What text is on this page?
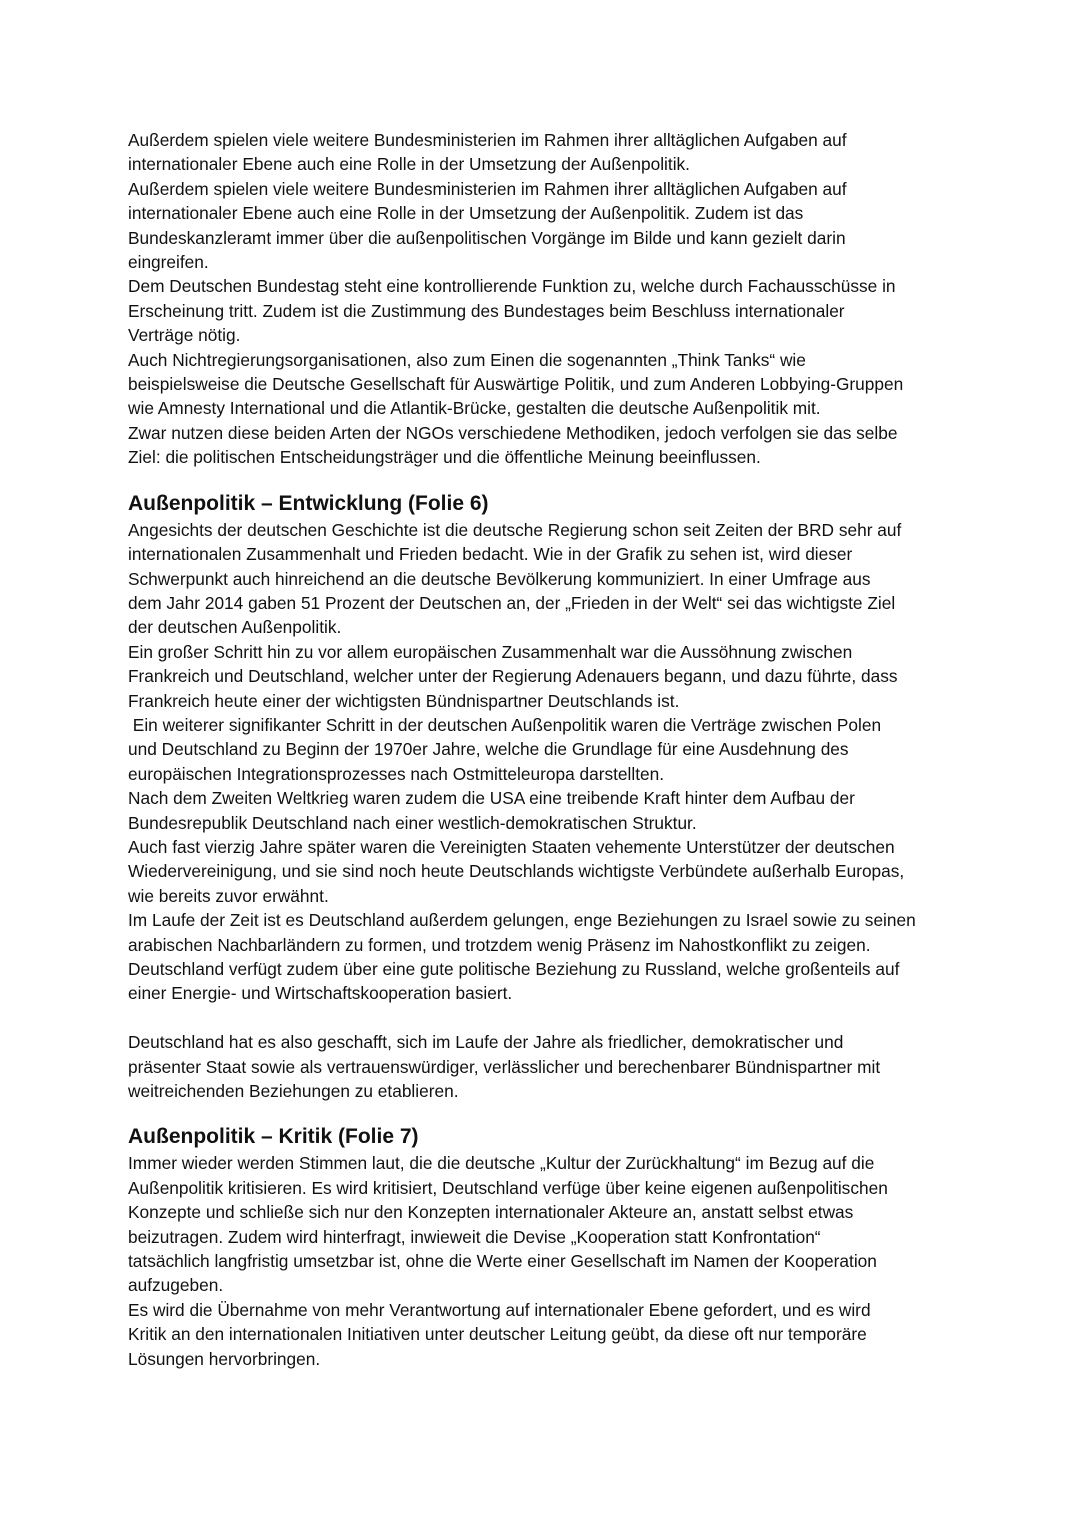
Außerdem spielen viele weitere Bundesministerien im Rahmen ihrer alltäglichen Aufgaben auf
internationaler Ebene auch eine Rolle in der Umsetzung der Außenpolitik.

Außerdem spielen viele weitere Bundesministerien im Rahmen ihrer alltäglichen Aufgaben auf
internationaler Ebene auch eine Rolle in der Umsetzung der Außenpolitik. Zudem ist das
Bundeskanzleramt immer über die außenpolitischen Vorgänge im Bilde und kann gezielt darin
eingreifen.

Dem Deutschen Bundestag steht eine kontrollierende Funktion zu, welche durch Fachausschüsse in
Erscheinung tritt. Zudem ist die Zustimmung des Bundestages beim Beschluss internationaler
Verträge nötig.

Auch Nichtregierungsorganisationen, also zum Einen die sogenannten „Think Tanks“ wie
beispielsweise die Deutsche Gesellschaft für Auswärtige Politik, und zum Anderen Lobbying-Gruppen
wie Amnesty International und die Atlantik-Brücke, gestalten die deutsche Außenpolitik mit.

Zwar nutzen diese beiden Arten der NGOs verschiedene Methodiken, jedoch verfolgen sie das selbe
Ziel: die politischen Entscheidungsträger und die öffentliche Meinung beeinflussen.

Außenpolitik – Entwicklung (Folie 6)

Angesichts der deutschen Geschichte ist die deutsche Regierung schon seit Zeiten der BRD sehr auf
internationalen Zusammenhalt und Frieden bedacht. Wie in der Grafik zu sehen ist, wird dieser
Schwerpunkt auch hinreichend an die deutsche Bevölkerung kommuniziert. In einer Umfrage aus
dem Jahr 2014 gaben 51 Prozent der Deutschen an, der „Frieden in der Welt“ sei das wichtigste Ziel
der deutschen Außenpolitik.

Ein großer Schritt hin zu vor allem europäischen Zusammenhalt war die Aussöhnung zwischen
Frankreich und Deutschland, welcher unter der Regierung Adenauers begann, und dazu führte, dass
Frankreich heute einer der wichtigsten Bündnispartner Deutschlands ist.

Ein weiterer signifikanter Schritt in der deutschen Außenpolitik waren die Verträge zwischen Polen
und Deutschland zu Beginn der 1970er Jahre, welche die Grundlage für eine Ausdehnung des
europäischen Integrationsprozesses nach Ostmitteleuropa darstellten.

Nach dem Zweiten Weltkrieg waren zudem die USA eine treibende Kraft hinter dem Aufbau der
Bundesrepublik Deutschland nach einer westlich-demokratischen Struktur.

Auch fast vierzig Jahre später waren die Vereinigten Staaten vehemente Unterstützer der deutschen
Wiedervereinigung, und sie sind noch heute Deutschlands wichtigste Verbündete außerhalb Europas,
wie bereits zuvor erwähnt.

Im Laufe der Zeit ist es Deutschland außerdem gelungen, enge Beziehungen zu Israel sowie zu seinen
arabischen Nachbarländern zu formen, und trotzdem wenig Präsenz im Nahostkonflikt zu zeigen.

Deutschland verfügt zudem über eine gute politische Beziehung zu Russland, welche großenteils auf
einer Energie- und Wirtschaftskooperation basiert.

Deutschland hat es also geschafft, sich im Laufe der Jahre als friedlicher, demokratischer und
präsenter Staat sowie als vertrauenswürdiger, verlässlicher und berechenbarer Bündnispartner mit
weitreichenden Beziehungen zu etablieren.

Außenpolitik – Kritik (Folie 7)

Immer wieder werden Stimmen laut, die die deutsche „Kultur der Zurückhaltung“ im Bezug auf die
Außenpolitik kritisieren. Es wird kritisiert, Deutschland verfüge über keine eigenen außenpolitischen
Konzepte und schließe sich nur den Konzepten internationaler Akteure an, anstatt selbst etwas
beizutragen. Zudem wird hinterfragt, inwieweit die Devise „Kooperation statt Konfrontation“
tatsächlich langfristig umsetzbar ist, ohne die Werte einer Gesellschaft im Namen der Kooperation
aufzugeben.

Es wird die Übernahme von mehr Verantwortung auf internationaler Ebene gefordert, und es wird
Kritik an den internationalen Initiativen unter deutscher Leitung geübt, da diese oft nur temporäre
Lösungen hervorbringen.
